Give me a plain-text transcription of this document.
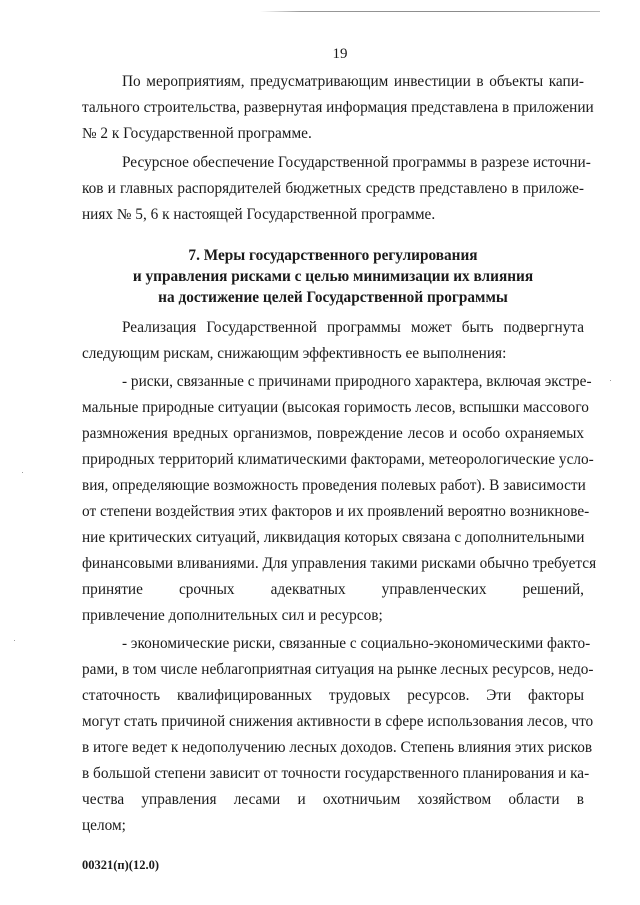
19
По мероприятиям, предусматривающим инвестиции в объекты капи-
тального строительства, развернутая информация представлена в приложении
№ 2 к Государственной программе.
Ресурсное обеспечение Государственной программы в разрезе источни-
ков и главных распорядителей бюджетных средств представлено в приложе-
ниях № 5, 6 к настоящей Государственной программе.
7. Меры государственного регулирования
и управления рисками с целью минимизации их влияния
на достижение целей Государственной программы
Реализация Государственной программы может быть подвергнута
следующим рискам, снижающим эффективность ее выполнения:
- риски, связанные с причинами природного характера, включая экстре-
мальные природные ситуации (высокая горимость лесов, вспышки массового
размножения вредных организмов, повреждение лесов и особо охраняемых
природных территорий климатическими факторами, метеорологические усло-
вия, определяющие возможность проведения полевых работ). В зависимости
от степени воздействия этих факторов и их проявлений вероятно возникнове-
ние критических ситуаций, ликвидация которых связана с дополнительными
финансовыми вливаниями. Для управления такими рисками обычно требуется
принятие срочных адекватных управленческих решений,
привлечение дополнительных сил и ресурсов;
- экономические риски, связанные с социально-экономическими факто-
рами, в том числе неблагоприятная ситуация на рынке лесных ресурсов, недо-
статочность квалифицированных трудовых ресурсов. Эти факторы
могут стать причиной снижения активности в сфере использования лесов, что
в итоге ведет к недополучению лесных доходов. Степень влияния этих рисков
в большой степени зависит от точности государственного планирования и ка-
чества управления лесами и охотничьим хозяйством области в
целом;
00321(п)(12.0)
